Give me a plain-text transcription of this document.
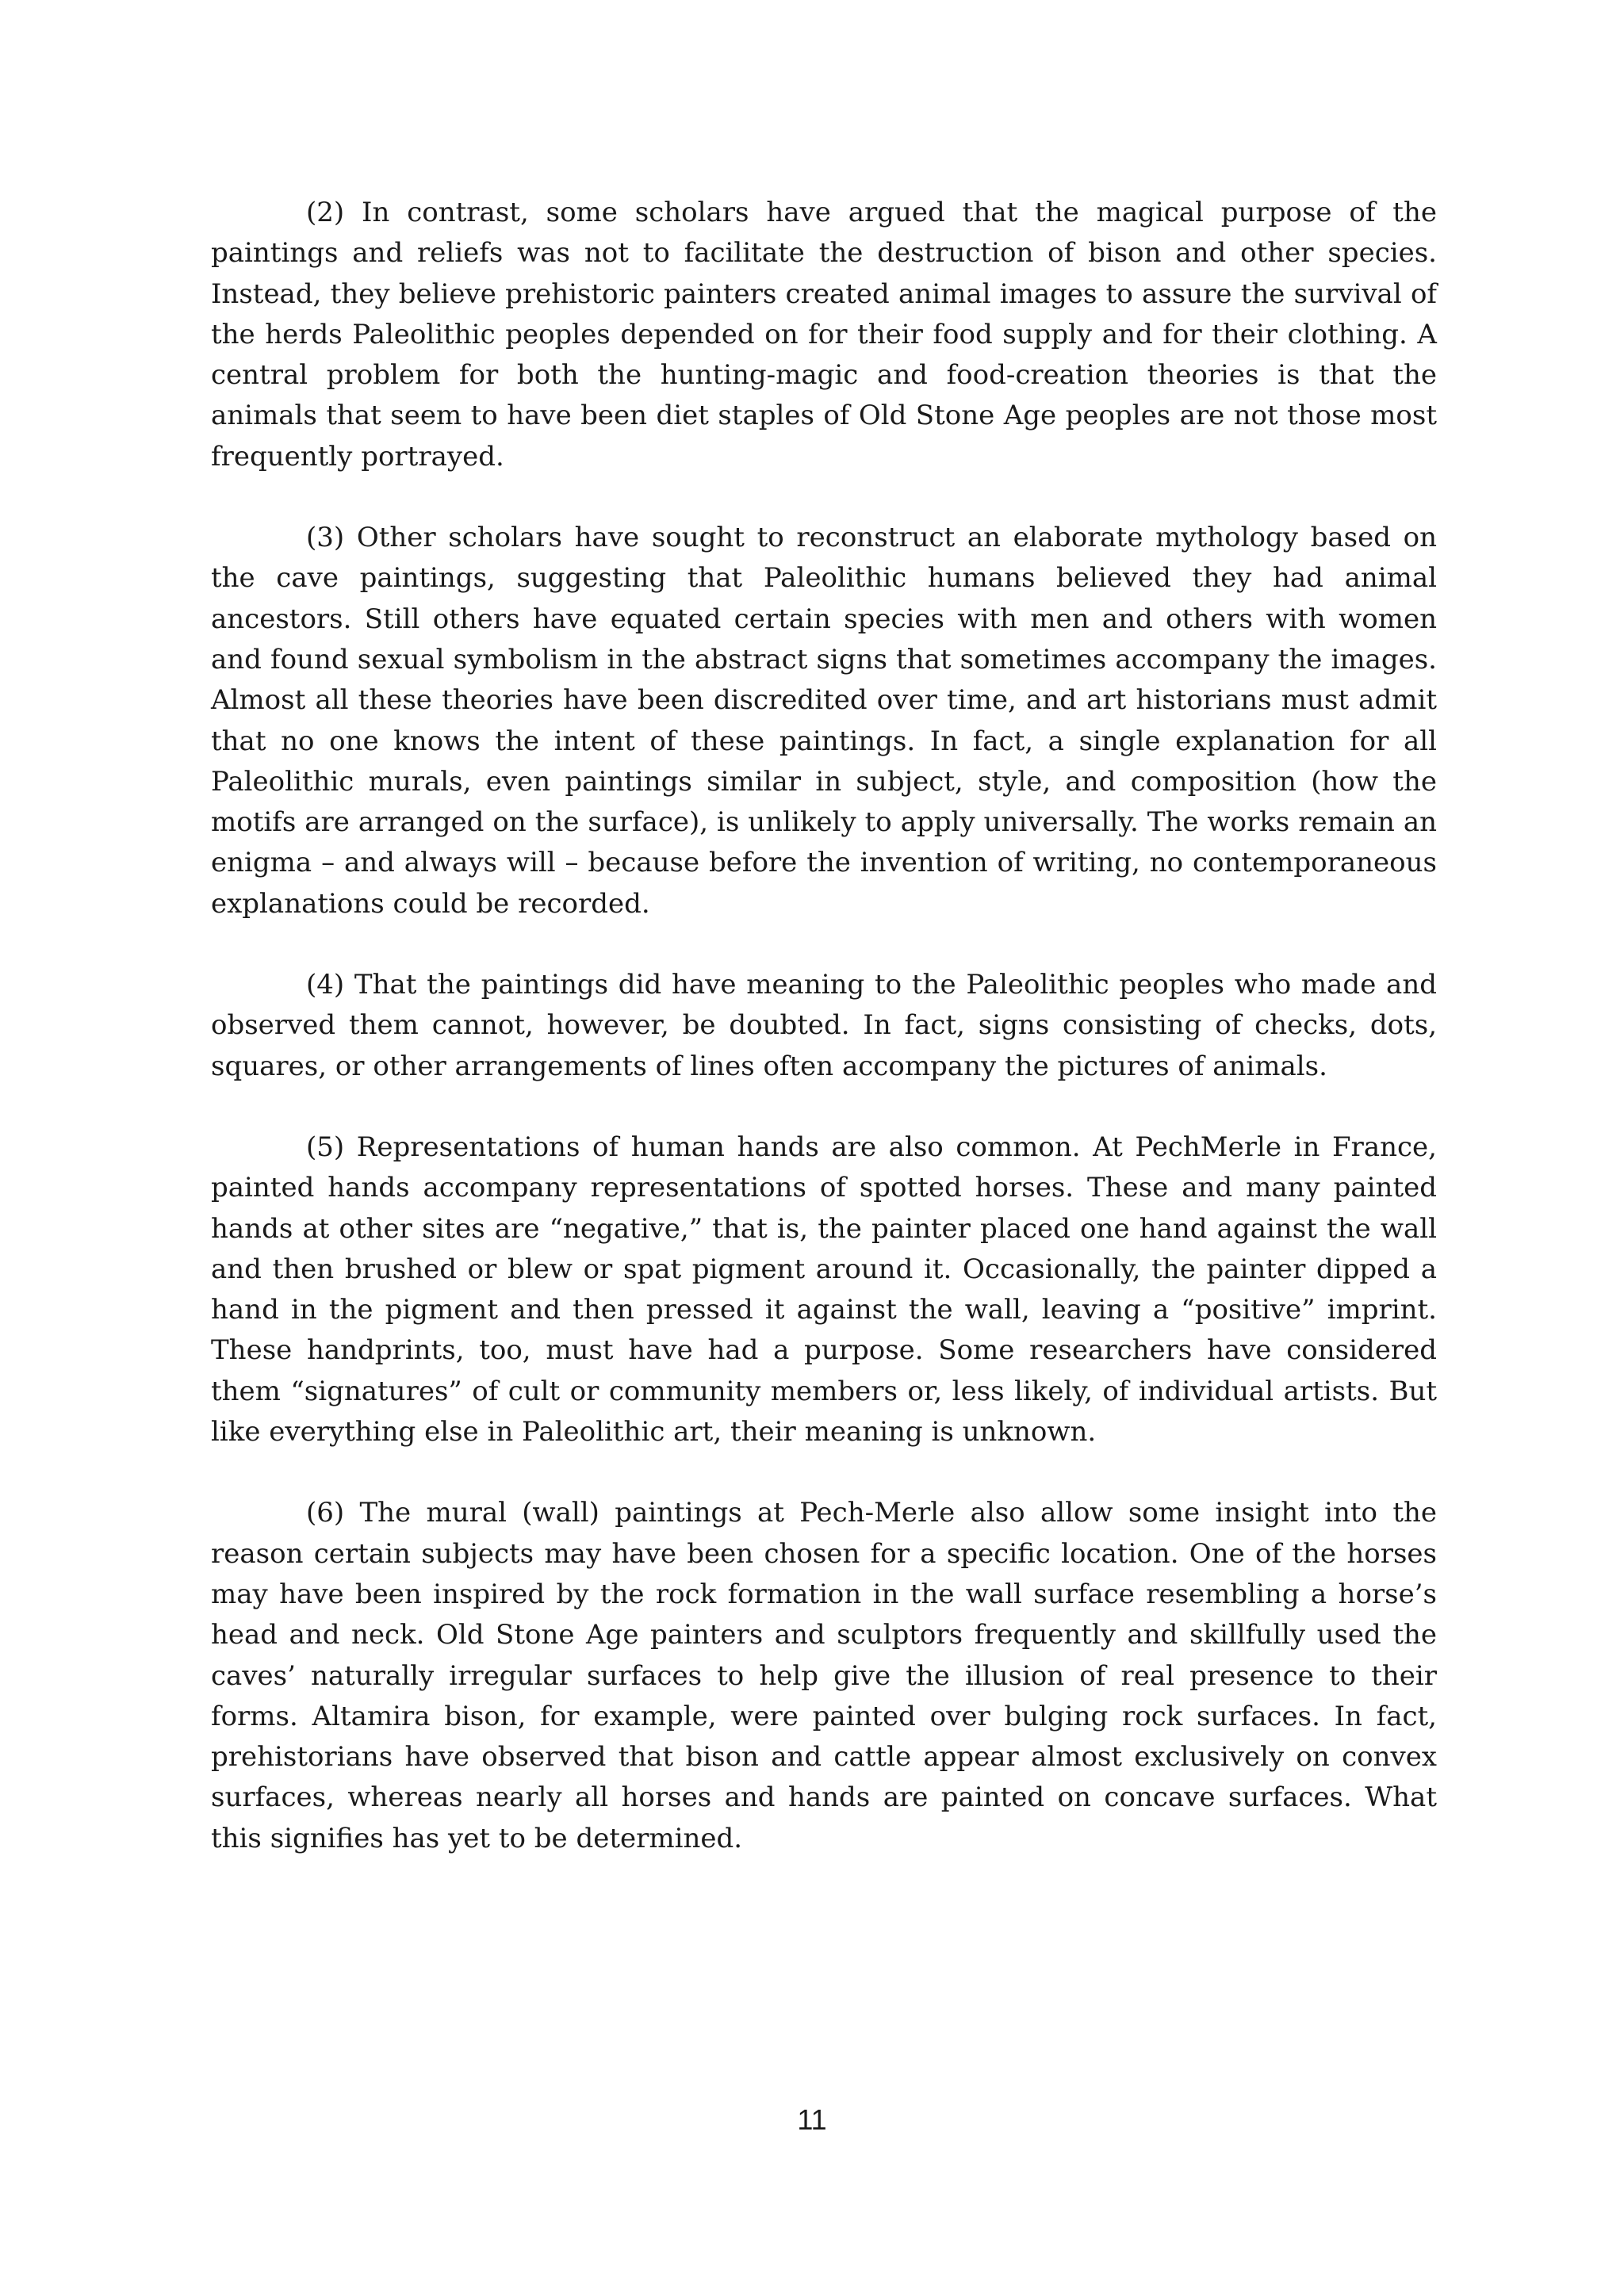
(2) In contrast, some scholars have argued that the magical purpose of the paintings and reliefs was not to facilitate the destruction of bison and other species. Instead, they believe prehistoric painters created animal images to assure the survival of the herds Paleolithic peoples depended on for their food supply and for their clothing. A central problem for both the hunting-magic and food-creation theories is that the animals that seem to have been diet staples of Old Stone Age peoples are not those most frequently portrayed.

(3) Other scholars have sought to reconstruct an elaborate mythology based on the cave paintings, suggesting that Paleolithic humans believed they had animal ancestors. Still others have equated certain species with men and others with women and found sexual symbolism in the abstract signs that sometimes accompany the images. Almost all these theories have been discredited over time, and art historians must admit that no one knows the intent of these paintings. In fact, a single explanation for all Paleolithic murals, even paintings similar in subject, style, and composition (how the motifs are arranged on the surface), is unlikely to apply universally. The works remain an enigma – and always will – because before the invention of writing, no contemporaneous explanations could be recorded.

(4) That the paintings did have meaning to the Paleolithic peoples who made and observed them cannot, however, be doubted. In fact, signs consisting of checks, dots, squares, or other arrangements of lines often accompany the pictures of animals.

(5) Representations of human hands are also common. At PechMerle in France, painted hands accompany representations of spotted horses. These and many painted hands at other sites are “negative,” that is, the painter placed one hand against the wall and then brushed or blew or spat pigment around it. Occasionally, the painter dipped a hand in the pigment and then pressed it against the wall, leaving a “positive” imprint. These handprints, too, must have had a purpose. Some researchers have considered them “signatures” of cult or community members or, less likely, of individual artists. But like everything else in Paleolithic art, their meaning is unknown.

(6) The mural (wall) paintings at Pech-Merle also allow some insight into the reason certain subjects may have been chosen for a specific location. One of the horses may have been inspired by the rock formation in the wall surface resembling a horse’s head and neck. Old Stone Age painters and sculptors frequently and skillfully used the caves’ naturally irregular surfaces to help give the illusion of real presence to their forms. Altamira bison, for example, were painted over bulging rock surfaces. In fact, prehistorians have observed that bison and cattle appear almost exclusively on convex surfaces, whereas nearly all horses and hands are painted on concave surfaces. What this signifies has yet to be determined.

11
